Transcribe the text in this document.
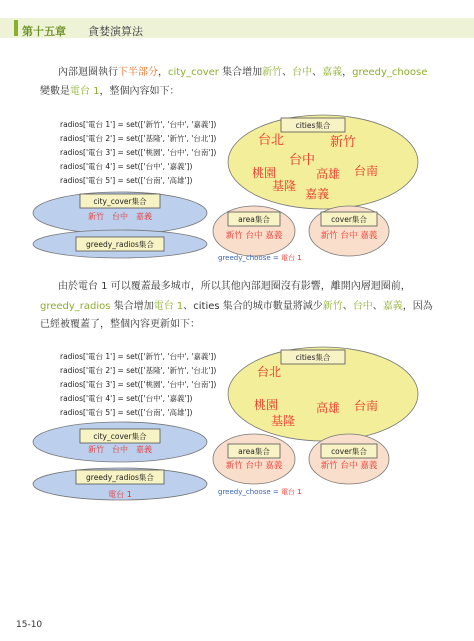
第十五章 貪婪演算法
內部迴圈執行下半部分，city_cover 集合增加新竹、台中、嘉義，greedy_choose
變數是電台 1，整個內容如下：
radios['電台 1'] = set(['新竹', '台中', '嘉義'])
radios['電台 2'] = set(['基隆', '新竹', '台北'])
radios['電台 3'] = set(['桃園', '台中', '台南'])
radios['電台 4'] = set(['台中', '嘉義'])
radios['電台 5'] = set(['台南', '高雄'])
cities集合
台北	新竹
台中
桃園	高雄 台南
基隆
嘉義
city_cover集合
新竹　台中　嘉義
greedy_radios集合
area集合
新竹 台中 嘉義
cover集合
新竹 台中 嘉義
greedy_choose = 電台 1
由於電台 1 可以覆蓋最多城市，所以其他內部迴圈沒有影響，離開內層迴圈前，
greedy_radios 集合增加電台 1、cities 集合的城市數量將減少新竹、台中、嘉義，因為
已經被覆蓋了，整個內容更新如下：
radios['電台 1'] = set(['新竹', '台中', '嘉義'])
radios['電台 2'] = set(['基隆', '新竹', '台北'])
radios['電台 3'] = set(['桃園', '台中', '台南'])
radios['電台 4'] = set(['台中', '嘉義'])
radios['電台 5'] = set(['台南', '高雄'])
cities集合
台北
桃園	高雄 台南
基隆
city_cover集合
新竹　台中　嘉義
greedy_radios集合
電台 1
area集合
新竹 台中 嘉義
cover集合
新竹 台中 嘉義
greedy_choose = 電台 1
15-10
